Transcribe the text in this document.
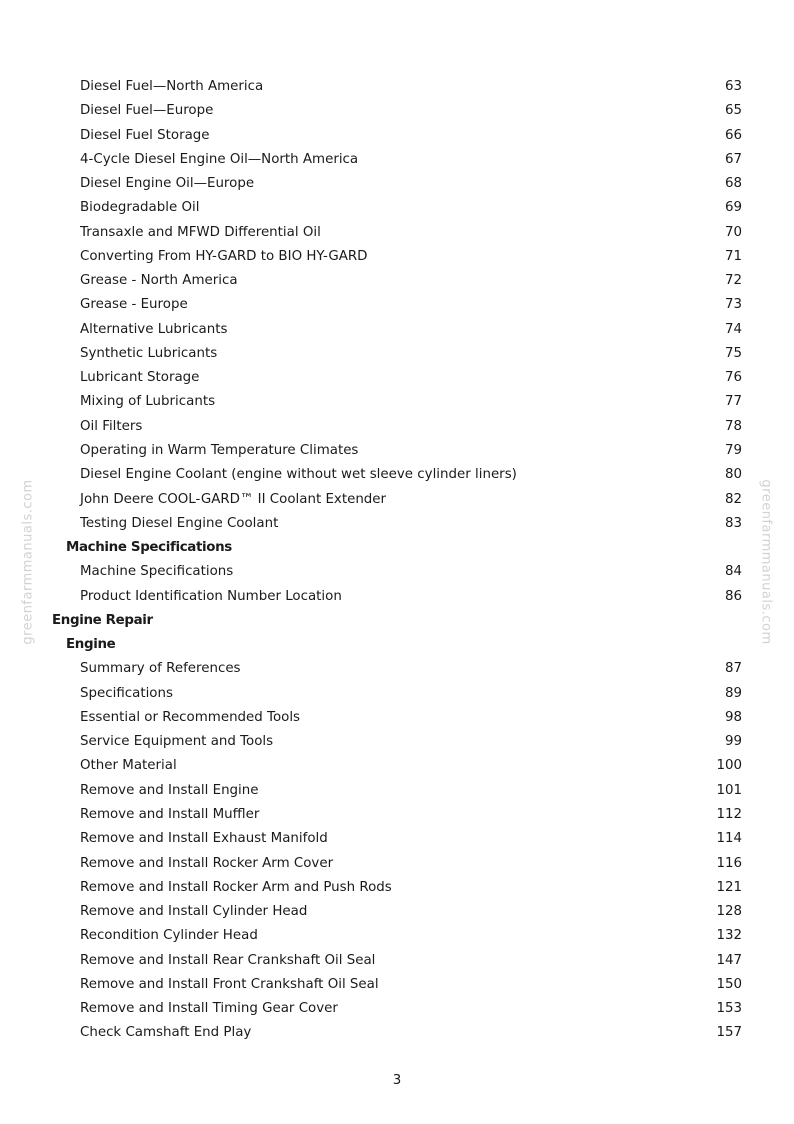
greenfarmmanuals.com	greenfarmmanuals.com
Diesel Fuel—North America	63
Diesel Fuel—Europe	65
Diesel Fuel Storage	66
4-Cycle Diesel Engine Oil—North America	67
Diesel Engine Oil—Europe	68
Biodegradable Oil	69
Transaxle and MFWD Differential Oil	70
Converting From HY-GARD to BIO HY-GARD	71
Grease - North America	72
Grease - Europe	73
Alternative Lubricants	74
Synthetic Lubricants	75
Lubricant Storage	76
Mixing of Lubricants	77
Oil Filters	78
Operating in Warm Temperature Climates	79
Diesel Engine Coolant (engine without wet sleeve cylinder liners)	80
John Deere COOL-GARD™ II Coolant Extender	82
Testing Diesel Engine Coolant	83
Machine Specifications
Machine Specifications	84
Product Identification Number Location	86
Engine Repair
Engine
Summary of References	87
Specifications	89
Essential or Recommended Tools	98
Service Equipment and Tools	99
Other Material	100
Remove and Install Engine	101
Remove and Install Muffler	112
Remove and Install Exhaust Manifold	114
Remove and Install Rocker Arm Cover	116
Remove and Install Rocker Arm and Push Rods	121
Remove and Install Cylinder Head	128
Recondition Cylinder Head	132
Remove and Install Rear Crankshaft Oil Seal	147
Remove and Install Front Crankshaft Oil Seal	150
Remove and Install Timing Gear Cover	153
Check Camshaft End Play	157
3
